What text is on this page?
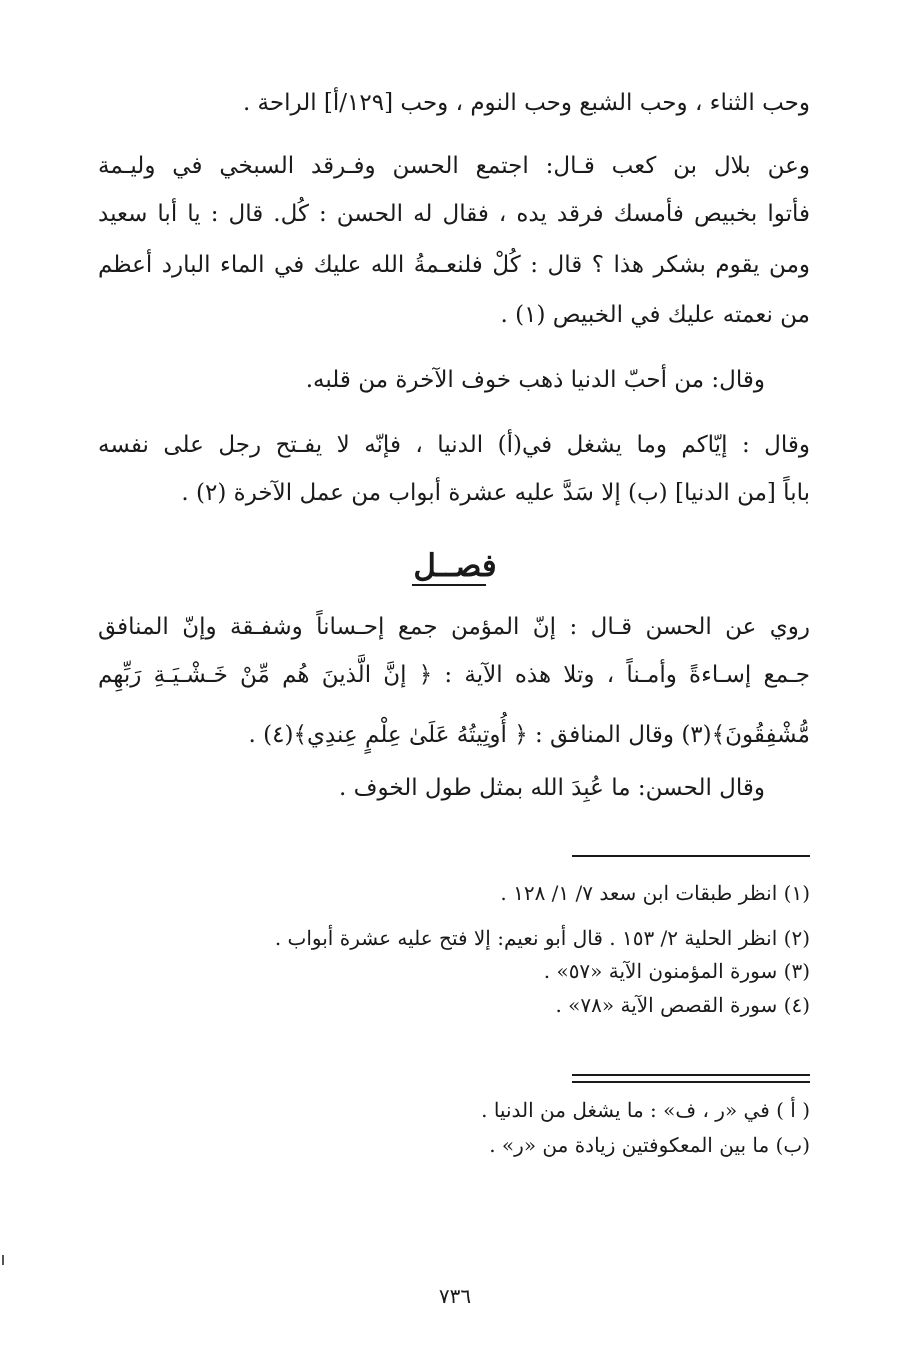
وحب الثناء ، وحب الشبع وحب النوم ، وحب [١٢٩/أ] الراحة .
وعن بلال بن كعب قـال: اجتمع الحسن وفـرقد السبخي في وليـمة
فأتوا بخبيص فأمسك فرقد يده ، فقال له الحسن : كُل. قال : يا أبا سعيد
ومن يقوم بشكر هذا ؟ قال : كُلْ فلنعـمةُ الله عليك في الماء البارد أعظم
من نعمته عليك في الخبيص (١) .
وقال: من أحبّ الدنيا ذهب خوف الآخرة من قلبه.
وقال : إيّاكم وما يشغل في(أ) الدنيا ، فإنّه لا يفـتح رجل على نفسه
باباً [من الدنيا] (ب) إلا سَدَّ عليه عشرة أبواب من عمل الآخرة (٢) .
فصــل
روي عن الحسن قـال : إنّ المؤمن جمع إحـساناً وشفـقة وإنّ المنافق
جـمع إسـاءةً وأمـناً ، وتلا هذه الآية : ﴿ إنَّ الَّذينَ هُم مِّنْ خَـشْـيَـةِ رَبِّهِم
مُّشْفِقُونَ﴾(٣) وقال المنافق : ﴿ أُوتِيتُهُ عَلَىٰ عِلْمٍ عِندِي﴾(٤) .
وقال الحسن: ما عُبِدَ الله بمثل طول الخوف .
(١) انظر طبقات ابن سعد ٧/ ١/ ١٢٨ .
(٢) انظر الحلية ٢/ ١٥٣ . قال أبو نعيم: إلا فتح عليه عشرة أبواب .
(٣) سورة المؤمنون الآية «٥٧» .
(٤) سورة القصص الآية «٧٨» .
( أ ) في «ر ، ف» : ما يشغل من الدنيا .
(ب) ما بين المعكوفتين زيادة من «ر» .
٧٣٦
